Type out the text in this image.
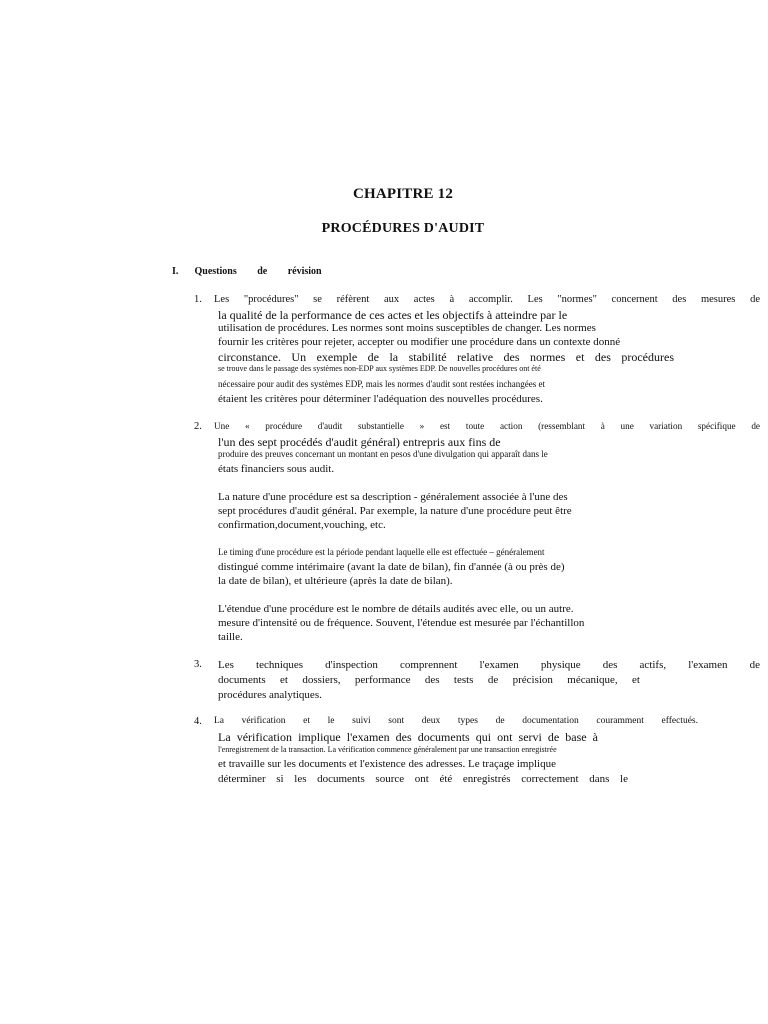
CHAPITRE 12
PROCÉDURES D'AUDIT
I. Questions de révision
1. Les "procédures" se réfèrent aux actes à accomplir. Les "normes" concernent des mesures de
la qualité de la performance de ces actes et les objectifs à atteindre par le
utilisation de procédures. Les normes sont moins susceptibles de changer. Les normes
fournir les critères pour rejeter, accepter ou modifier une procédure dans un contexte donné
circonstance. Un exemple de la stabilité relative des normes et des procédures
se trouve dans le passage des systèmes non-EDP aux systèmes EDP. De nouvelles procédures ont été
nécessaire pour audit des systèmes EDP, mais les normes d'audit sont restées inchangées et
étaient les critères pour déterminer l'adéquation des nouvelles procédures.
2. Une « procédure d'audit substantielle » est toute action (ressemblant à une variation spécifique de
l'un des sept procédés d'audit général) entrepris aux fins de
produire des preuves concernant un montant en pesos d'une divulgation qui apparaît dans le
états financiers sous audit.
La nature d'une procédure est sa description - généralement associée à l'une des
sept procédures d'audit général. Par exemple, la nature d'une procédure peut être
confirmation,document,vouching, etc.
Le timing d'une procédure est la période pendant laquelle elle est effectuée – généralement
distingué comme intérimaire (avant la date de bilan), fin d'année (à ou près de)
la date de bilan), et ultérieure (après la date de bilan).
L'étendue d'une procédure est le nombre de détails audités avec elle, ou un autre.
mesure d'intensité ou de fréquence. Souvent, l'étendue est mesurée par l'échantillon
taille.
3. Les techniques d'inspection comprennent l'examen physique des actifs, l'examen de
documents et dossiers, performance des tests de précision mécanique, et
procédures analytiques.
4. La vérification et le suivi sont deux types de documentation couramment effectués.
La vérification implique l'examen des documents qui ont servi de base à
l'enregistrement de la transaction. La vérification commence généralement par une transaction enregistrée
et travaille sur les documents et l'existence des adresses. Le traçage implique
déterminer si les documents source ont été enregistrés correctement dans le
